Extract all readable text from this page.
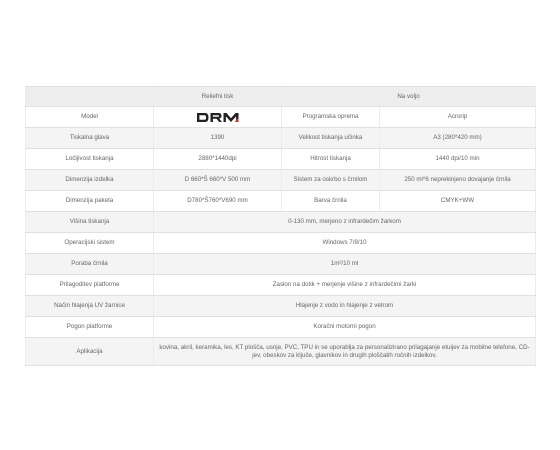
	Reliefni tisk	Na voljo	
Model		Programska oprema	Acrorip
Tiskalna glava	1390	Velikost tiskanja učinka	A3 (280*420 mm)
Ločljivost tiskanja	2880*1440dpi	Hitrost tiskanja	1440 dpi/10 min
Dimenzija izdelka	D 660*Š 660*V 500 mm	Sistem za oskrbo s črnilom	250 ml*6 neprekinjeno dovajanje črnila
Dimenzija paketa	D780*Š760*V690 mm	Barva črnila	CMYK+WW
Višina tiskanja	0-130 mm, merjeno z infrardečim žarkom		
Operacijski sistem	Windows 7/8/10		
Poraba črnila	1m²/10 ml		
Prilagoditev platforme	Zaslon na dotik + merjenje višine z infrardečimi žarki		
Način hlajenja UV žarnice	Hlajenje z vodo in hlajenje z vetrom		
Pogon platforme	Koračni motorni pogon		
Aplikacija	kovina, akril, keramika, les, KT plošča, usnje, PVC, TPU in se uporablja za personalizirano prilagajanje etuijev za mobilne telefone, CD-jev, obeskov za ključe, glavnikov in drugih ploščatih ročnih izdelkov.		
